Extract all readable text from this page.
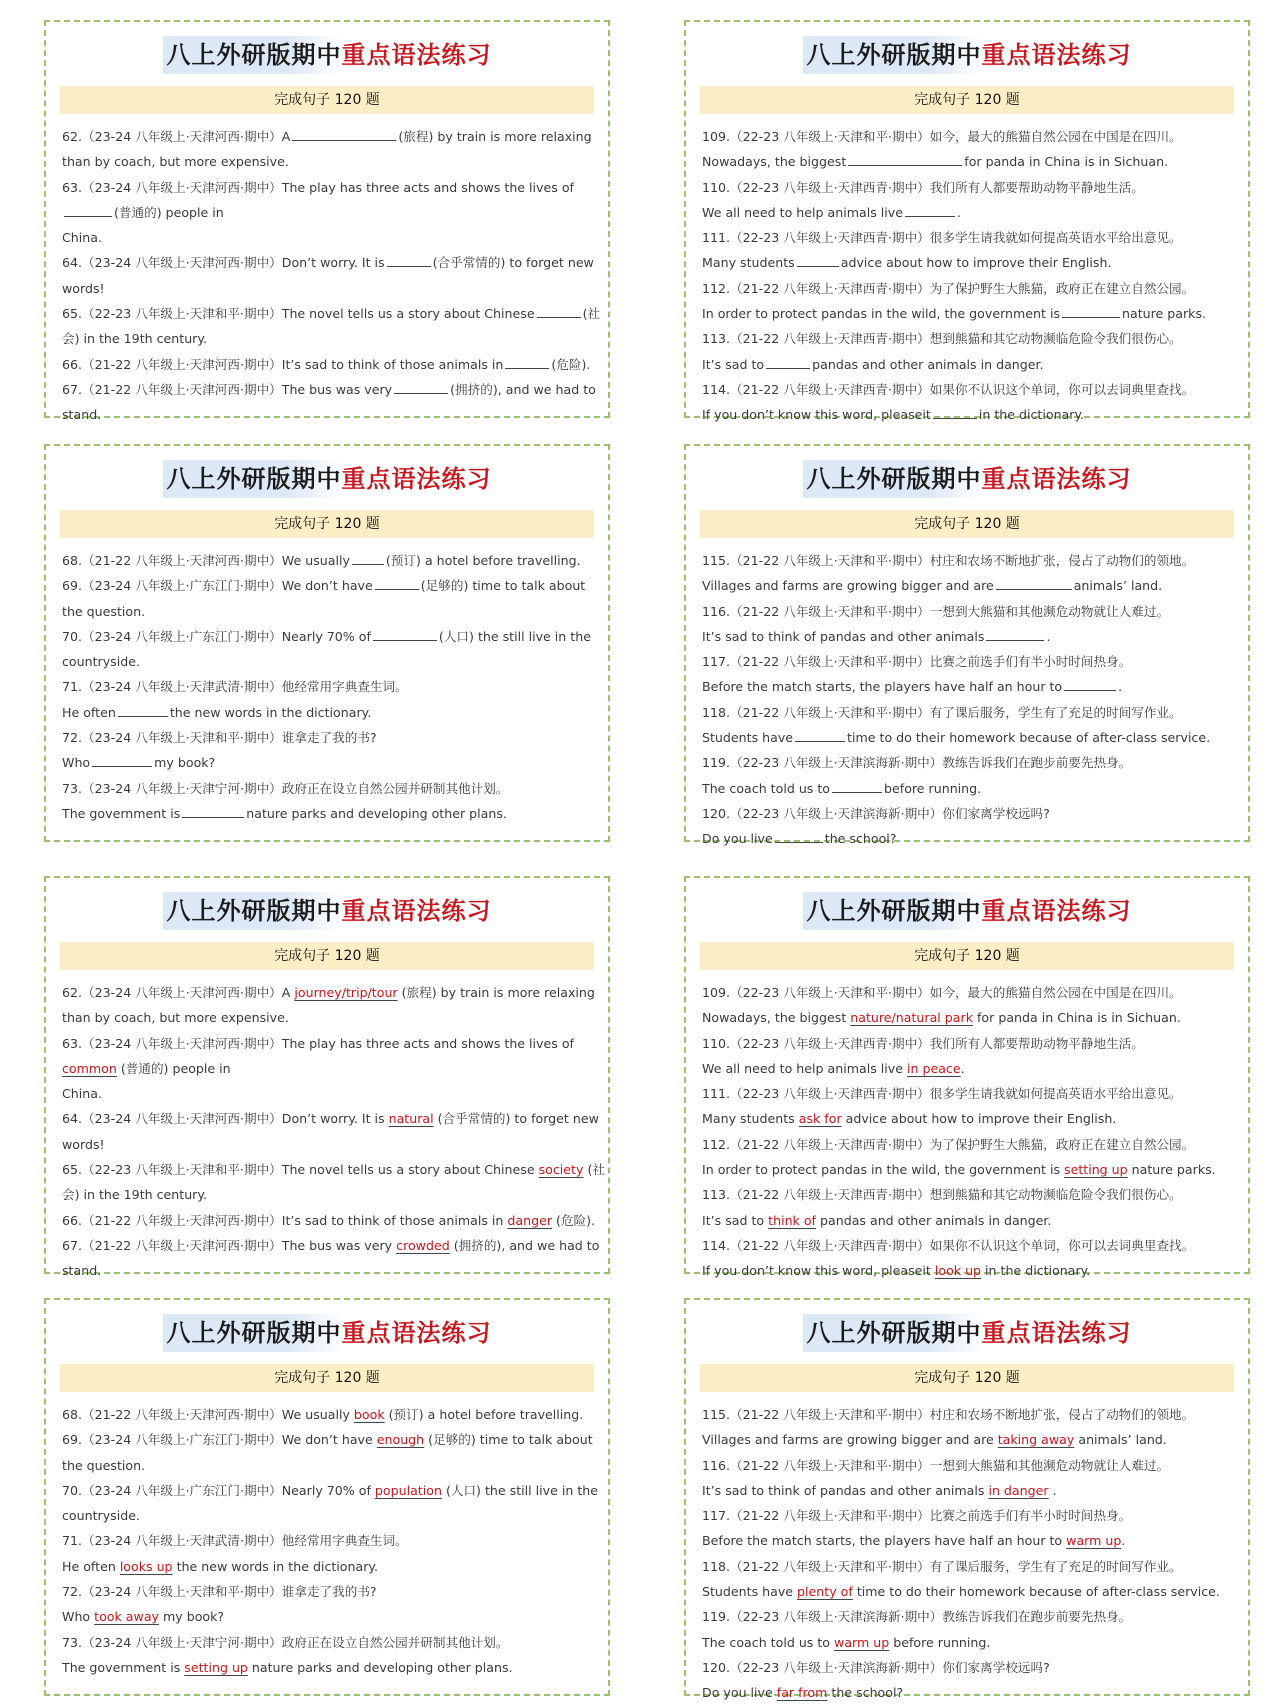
八上外研版期中重点语法练习
完成句子 120 题
62.（23-24 八年级上·天津河西·期中）A	(旅程) by train is more relaxing
than by coach, but more expensive.
63.（23-24 八年级上·天津河西·期中）The play has three acts and shows the lives of
(普通的) people in
China.
64.（23-24 八年级上·天津河西·期中）Don’t worry. It is	(合乎常情的) to forget new
words!
65.（22-23 八年级上·天津和平·期中）The novel tells us a story about Chinese	(社
会) in the 19th century.
66.（21-22 八年级上·天津河西·期中）It’s sad to think of those animals in	(危险).
67.（21-22 八年级上·天津河西·期中）The bus was very	(拥挤的), and we had to
stand.
八上外研版期中重点语法练习
完成句子 120 题
109.（22-23 八年级上·天津和平·期中）如今，最大的熊猫自然公园在中国是在四川。
Nowadays, the biggest	for panda in China is in Sichuan.
110.（22-23 八年级上·天津西青·期中）我们所有人都要帮助动物平静地生活。
We all need to help animals live	.
111.（22-23 八年级上·天津西青·期中）很多学生请我就如何提高英语水平给出意见。
Many students	advice about how to improve their English.
112.（21-22 八年级上·天津西青·期中）为了保护野生大熊猫，政府正在建立自然公园。
In order to protect pandas in the wild, the government is	nature parks.
113.（21-22 八年级上·天津西青·期中）想到熊猫和其它动物濒临危险令我们很伤心。
It’s sad to	pandas and other animals in danger.
114.（21-22 八年级上·天津西青·期中）如果你不认识这个单词，你可以去词典里查找。
If you don’t know this word, pleaseit	in the dictionary.
八上外研版期中重点语法练习
完成句子 120 题
68.（21-22 八年级上·天津河西·期中）We usually	(预订) a hotel before travelling.
69.（23-24 八年级上·广东江门·期中）We don’t have	(足够的) time to talk about
the question.
70.（23-24 八年级上·广东江门·期中）Nearly 70% of	(人口) the still live in the
countryside.
71.（23-24 八年级上·天津武清·期中）他经常用字典查生词。
He often	the new words in the dictionary.
72.（23-24 八年级上·天津和平·期中）谁拿走了我的书?
Who	my book?
73.（23-24 八年级上·天津宁河·期中）政府正在设立自然公园并研制其他计划。
The government is	nature parks and developing other plans.
八上外研版期中重点语法练习
完成句子 120 题
115.（21-22 八年级上·天津和平·期中）村庄和农场不断地扩张，侵占了动物们的领地。
Villages and farms are growing bigger and are	animals’ land.
116.（21-22 八年级上·天津和平·期中）一想到大熊猫和其他濒危动物就让人难过。
It’s sad to think of pandas and other animals	.
117.（21-22 八年级上·天津和平·期中）比赛之前选手们有半小时时间热身。
Before the match starts, the players have half an hour to	.
118.（21-22 八年级上·天津和平·期中）有了课后服务，学生有了充足的时间写作业。
Students have	time to do their homework because of after-class service.
119.（22-23 八年级上·天津滨海新·期中）教练告诉我们在跑步前要先热身。
The coach told us to	before running.
120.（22-23 八年级上·天津滨海新·期中）你们家离学校远吗?
Do you live	the school?
八上外研版期中重点语法练习
完成句子 120 题
62.（23-24 八年级上·天津河西·期中）A journey/trip/tour (旅程) by train is more relaxing
than by coach, but more expensive.
63.（23-24 八年级上·天津河西·期中）The play has three acts and shows the lives of
common (普通的) people in
China.
64.（23-24 八年级上·天津河西·期中）Don’t worry. It is natural (合乎常情的) to forget new
words!
65.（22-23 八年级上·天津和平·期中）The novel tells us a story about Chinese society (社
会) in the 19th century.
66.（21-22 八年级上·天津河西·期中）It’s sad to think of those animals in danger (危险).
67.（21-22 八年级上·天津河西·期中）The bus was very crowded (拥挤的), and we had to
stand.
八上外研版期中重点语法练习
完成句子 120 题
109.（22-23 八年级上·天津和平·期中）如今，最大的熊猫自然公园在中国是在四川。
Nowadays, the biggest nature/natural park for panda in China is in Sichuan.
110.（22-23 八年级上·天津西青·期中）我们所有人都要帮助动物平静地生活。
We all need to help animals live in peace.
111.（22-23 八年级上·天津西青·期中）很多学生请我就如何提高英语水平给出意见。
Many students ask for advice about how to improve their English.
112.（21-22 八年级上·天津西青·期中）为了保护野生大熊猫，政府正在建立自然公园。
In order to protect pandas in the wild, the government is setting up nature parks.
113.（21-22 八年级上·天津西青·期中）想到熊猫和其它动物濒临危险令我们很伤心。
It’s sad to think of pandas and other animals in danger.
114.（21-22 八年级上·天津西青·期中）如果你不认识这个单词，你可以去词典里查找。
If you don’t know this word, pleaseit look up in the dictionary.
八上外研版期中重点语法练习
完成句子 120 题
68.（21-22 八年级上·天津河西·期中）We usually book (预订) a hotel before travelling.
69.（23-24 八年级上·广东江门·期中）We don’t have enough (足够的) time to talk about
the question.
70.（23-24 八年级上·广东江门·期中）Nearly 70% of population (人口) the still live in the
countryside.
71.（23-24 八年级上·天津武清·期中）他经常用字典查生词。
He often looks up the new words in the dictionary.
72.（23-24 八年级上·天津和平·期中）谁拿走了我的书?
Who took away my book?
73.（23-24 八年级上·天津宁河·期中）政府正在设立自然公园并研制其他计划。
The government is setting up nature parks and developing other plans.
八上外研版期中重点语法练习
完成句子 120 题
115.（21-22 八年级上·天津和平·期中）村庄和农场不断地扩张，侵占了动物们的领地。
Villages and farms are growing bigger and are taking away animals’ land.
116.（21-22 八年级上·天津和平·期中）一想到大熊猫和其他濒危动物就让人难过。
It’s sad to think of pandas and other animals in danger .
117.（21-22 八年级上·天津和平·期中）比赛之前选手们有半小时时间热身。
Before the match starts, the players have half an hour to warm up.
118.（21-22 八年级上·天津和平·期中）有了课后服务，学生有了充足的时间写作业。
Students have plenty of time to do their homework because of after-class service.
119.（22-23 八年级上·天津滨海新·期中）教练告诉我们在跑步前要先热身。
The coach told us to warm up before running.
120.（22-23 八年级上·天津滨海新·期中）你们家离学校远吗?
Do you live far from the school?
